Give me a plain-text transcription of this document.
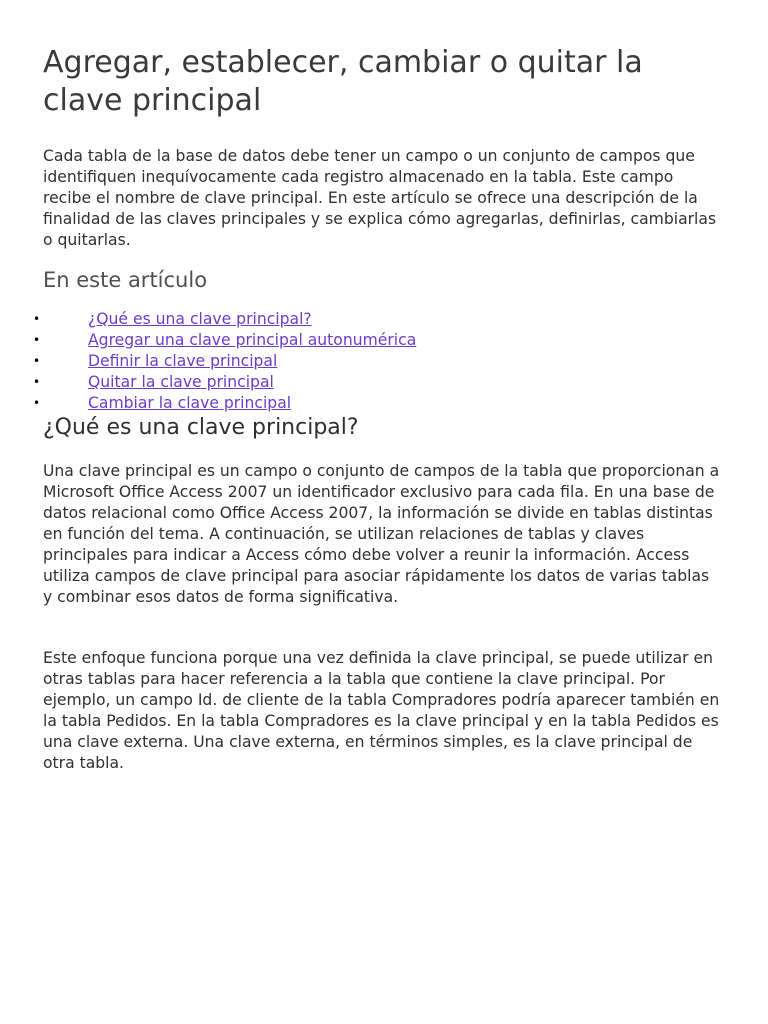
Agregar, establecer, cambiar o quitar la clave principal

Cada tabla de la base de datos debe tener un campo o un conjunto de campos que identifiquen inequívocamente cada registro almacenado en la tabla. Este campo recibe el nombre de clave principal. En este artículo se ofrece una descripción de la finalidad de las claves principales y se explica cómo agregarlas, definirlas, cambiarlas o quitarlas.

En este artículo
•	¿Qué es una clave principal?
•	Agregar una clave principal autonumérica
•	Definir la clave principal
•	Quitar la clave principal
•	Cambiar la clave principal
¿Qué es una clave principal?

Una clave principal es un campo o conjunto de campos de la tabla que proporcionan a Microsoft Office Access 2007 un identificador exclusivo para cada fila. En una base de datos relacional como Office Access 2007, la información se divide en tablas distintas en función del tema. A continuación, se utilizan relaciones de tablas y claves principales para indicar a Access cómo debe volver a reunir la información. Access utiliza campos de clave principal para asociar rápidamente los datos de varias tablas y combinar esos datos de forma significativa.

Este enfoque funciona porque una vez definida la clave principal, se puede utilizar en otras tablas para hacer referencia a la tabla que contiene la clave principal. Por ejemplo, un campo Id. de cliente de la tabla Compradores podría aparecer también en la tabla Pedidos. En la tabla Compradores es la clave principal y en la tabla Pedidos es una clave externa. Una clave externa, en términos simples, es la clave principal de otra tabla.
